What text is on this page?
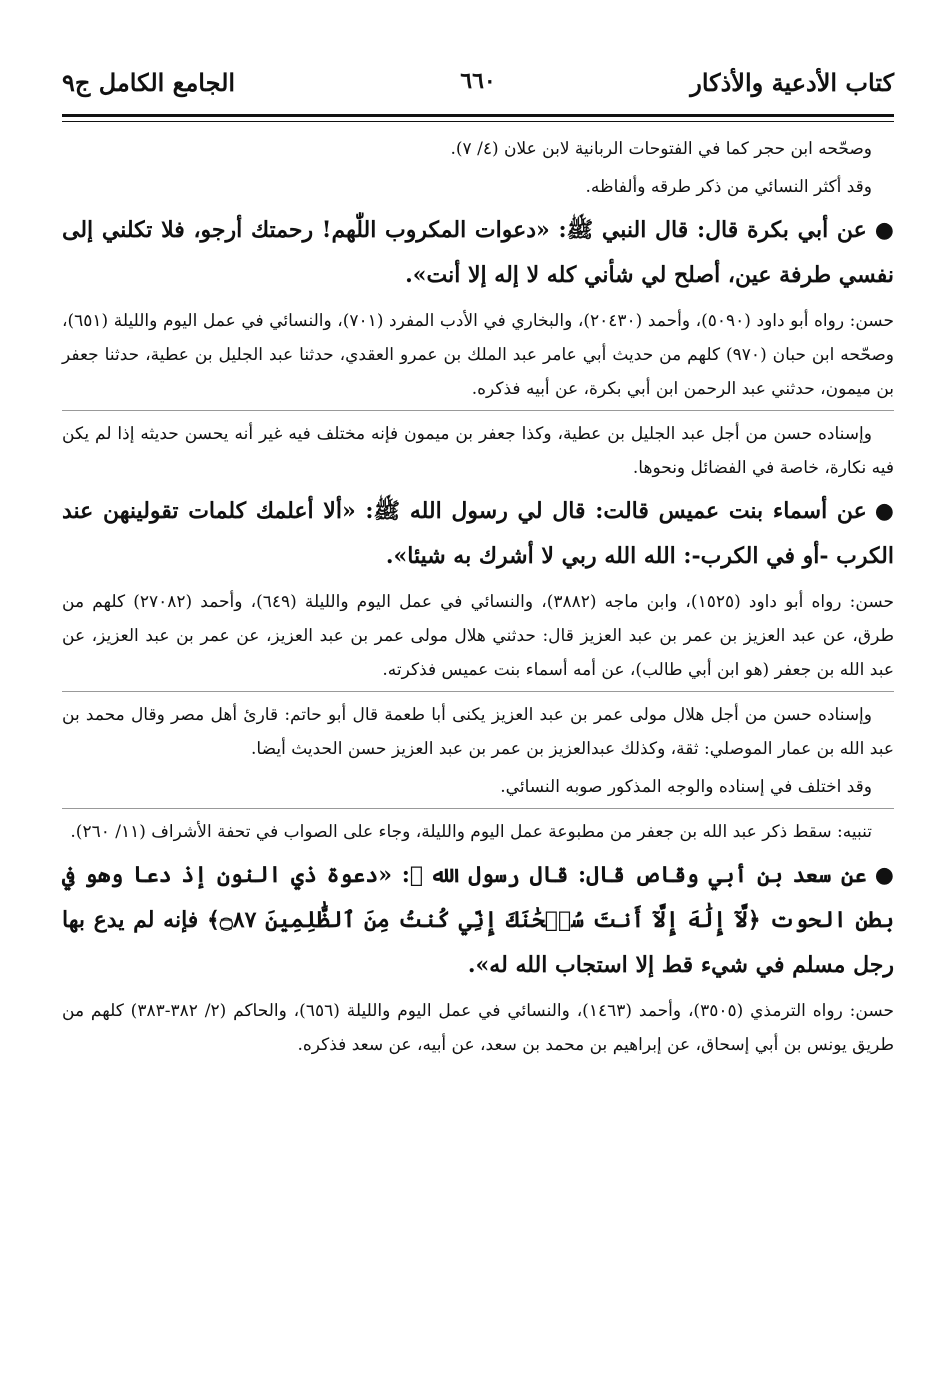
كتاب الأدعية والأذكار
٦٦٠
الجامع الكامل ج٩

وصحّحه ابن حجر كما في الفتوحات الربانية لابن علان (٤/ ٧).

وقد أكثر النسائي من ذكر طرقه وألفاظه.

●عن أبي بكرة قال: قال النبي ﷺ: «دعوات المكروب اللّٰهم! رحمتك أرجو، فلا تكلني إلى نفسي طرفة عين، أصلح لي شأني كله لا إله إلا أنت».

حسن: رواه أبو داود (٥٠٩٠)، وأحمد (٢٠٤٣٠)، والبخاري في الأدب المفرد (٧٠١)، والنسائي في عمل اليوم والليلة (٦٥١)، وصحّحه ابن حبان (٩٧٠) كلهم من حديث أبي عامر عبد الملك بن عمرو العقدي، حدثنا عبد الجليل بن عطية، حدثنا جعفر بن ميمون، حدثني عبد الرحمن ابن أبي بكرة، عن أبيه فذكره.

وإسناده حسن من أجل عبد الجليل بن عطية، وكذا جعفر بن ميمون فإنه مختلف فيه غير أنه يحسن حديثه إذا لم يكن فيه نكارة، خاصة في الفضائل ونحوها.

●عن أسماء بنت عميس قالت: قال لي رسول الله ﷺ: «ألا أعلمك كلمات تقولينهن عند الكرب -أو في الكرب-: الله الله ربي لا أشرك به شيئا».

حسن: رواه أبو داود (١٥٢٥)، وابن ماجه (٣٨٨٢)، والنسائي في عمل اليوم والليلة (٦٤٩)، وأحمد (٢٧٠٨٢) كلهم من طرق، عن عبد العزيز بن عمر بن عبد العزيز قال: حدثني هلال مولى عمر بن عبد العزيز، عن عمر بن عبد العزيز، عن عبد الله بن جعفر (هو ابن أبي طالب)، عن أمه أسماء بنت عميس فذكرته.

وإسناده حسن من أجل هلال مولى عمر بن عبد العزيز يكنى أبا طعمة قال أبو حاتم: قارئ أهل مصر وقال محمد بن عبد الله بن عمار الموصلي: ثقة، وكذلك عبدالعزيز بن عمر بن عبد العزيز حسن الحديث أيضا.

وقد اختلف في إسناده والوجه المذكور صوبه النسائي.

تنبيه: سقط ذكر عبد الله بن جعفر من مطبوعة عمل اليوم والليلة، وجاء على الصواب في تحفة الأشراف (١١/ ٢٦٠).

●عن سعد بن أبي وقاص قال: قال رسول الله ﷺ: «دعوة ذي النون إذ دعا وهو في بطن الحوت ﴿لَّآ إِلَٰهَ إِلَّآ أَنتَ سُبۡحَٰنَكَ إِنِّي كُنتُ مِنَ ٱلظَّٰلِمِينَ ۝٨٧﴾ فإنه لم يدع بها رجل مسلم في شيء قط إلا استجاب الله له».

حسن: رواه الترمذي (٣٥٠٥)، وأحمد (١٤٦٣)، والنسائي في عمل اليوم والليلة (٦٥٦)، والحاكم (٢/ ٣٨٢-٣٨٣) كلهم من طريق يونس بن أبي إسحاق، عن إبراهيم بن محمد بن سعد، عن أبيه، عن سعد فذكره.
